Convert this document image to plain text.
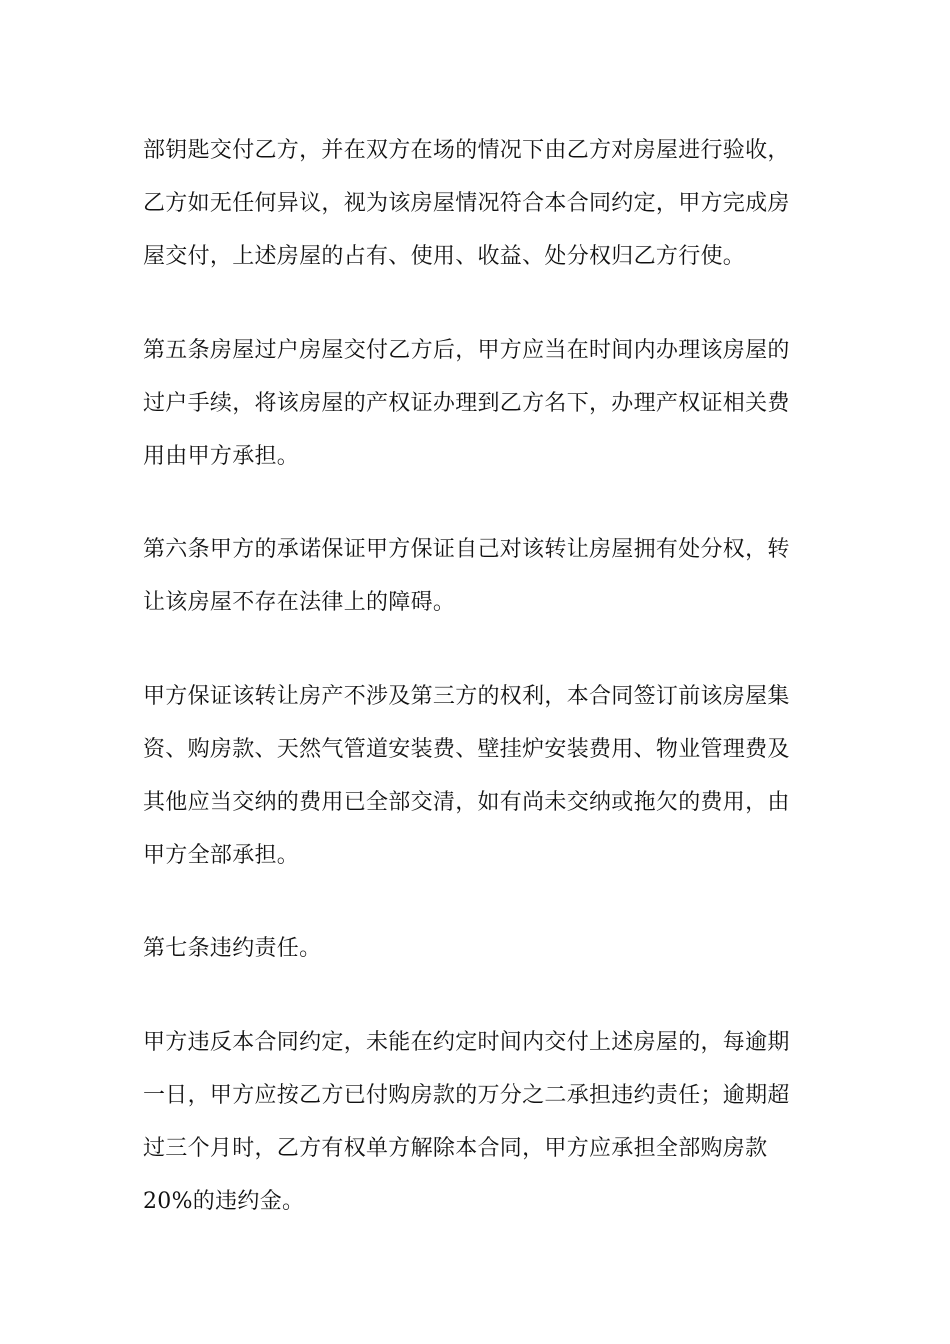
部钥匙交付乙方，并在双方在场的情况下由乙方对房屋进行验收，
乙方如无任何异议，视为该房屋情况符合本合同约定，甲方完成房
屋交付，上述房屋的占有、使用、收益、处分权归乙方行使。

第五条房屋过户房屋交付乙方后，甲方应当在时间内办理该房屋的
过户手续，将该房屋的产权证办理到乙方名下，办理产权证相关费
用由甲方承担。

第六条甲方的承诺保证甲方保证自己对该转让房屋拥有处分权，转
让该房屋不存在法律上的障碍。

甲方保证该转让房产不涉及第三方的权利，本合同签订前该房屋集
资、购房款、天然气管道安装费、壁挂炉安装费用、物业管理费及
其他应当交纳的费用已全部交清，如有尚未交纳或拖欠的费用，由
甲方全部承担。

第七条违约责任。

甲方违反本合同约定，未能在约定时间内交付上述房屋的，每逾期
一日，甲方应按乙方已付购房款的万分之二承担违约责任；逾期超
过三个月时，乙方有权单方解除本合同，甲方应承担全部购房款
20%的违约金。
